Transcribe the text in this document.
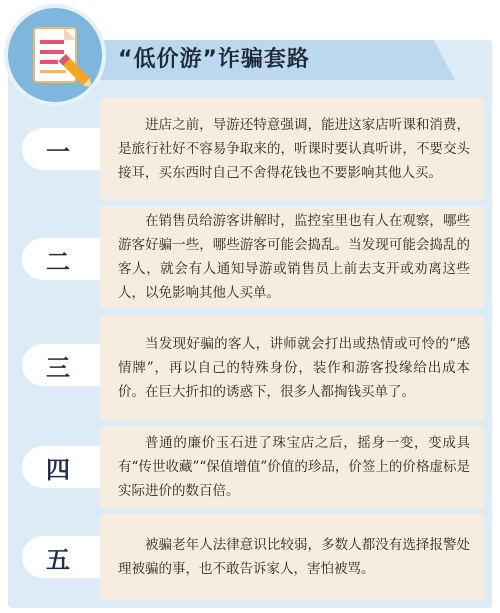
“低价游”诈骗套路

进店之前，导游还特意强调，能进这家店听课和消费，是旅行社好不容易争取来的，听课时要认真听讲，不要交头接耳，买东西时自己不舍得花钱也不要影响其他人买。

一

在销售员给游客讲解时，监控室里也有人在观察，哪些游客好骗一些，哪些游客可能会捣乱。当发现可能会捣乱的客人，就会有人通知导游或销售员上前去支开或劝离这些人，以免影响其他人买单。

二

当发现好骗的客人，讲师就会打出或热情或可怜的“感情牌”，再以自己的特殊身份，装作和游客投缘给出成本价。在巨大折扣的诱惑下，很多人都掏钱买单了。

三

普通的廉价玉石进了珠宝店之后，摇身一变，变成具有“传世收藏”“保值增值”价值的珍品，价签上的价格虚标是实际进价的数百倍。

四

被骗老年人法律意识比较弱，多数人都没有选择报警处理被骗的事，也不敢告诉家人，害怕被骂。

五
